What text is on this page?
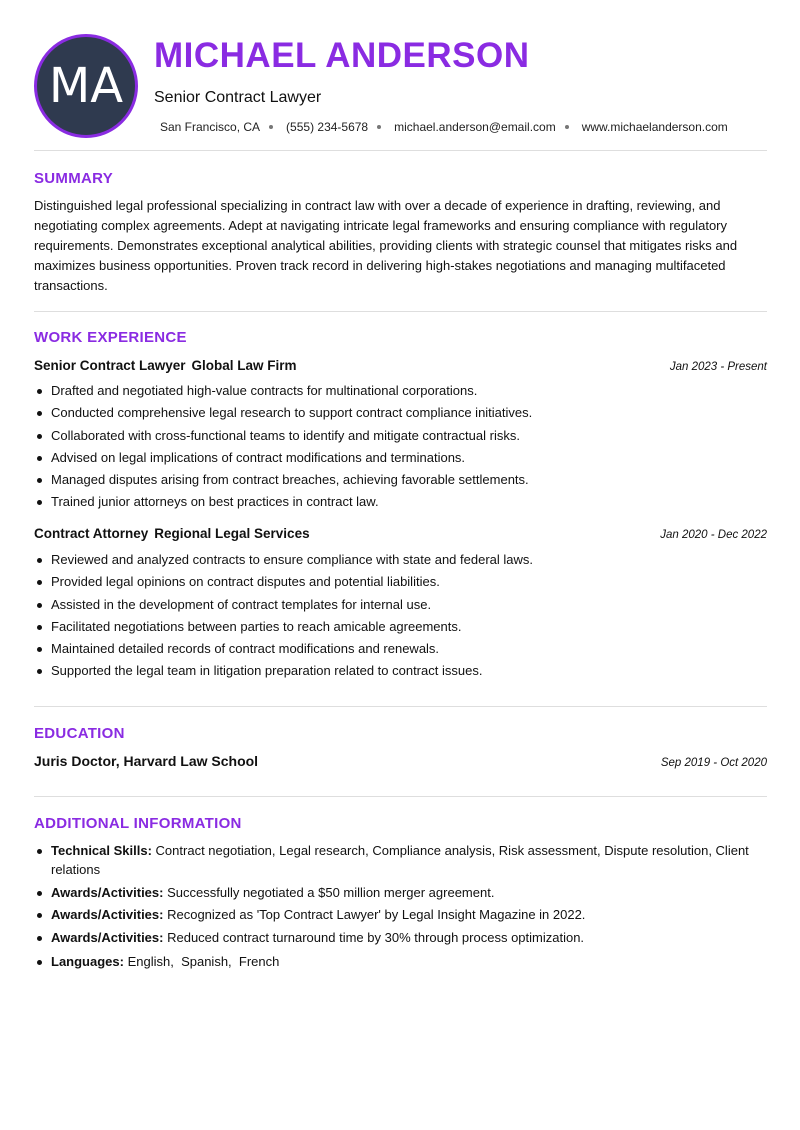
MA
MICHAEL ANDERSON
Senior Contract Lawyer
San Francisco, CA (555) 234-5678 michael.anderson@email.com www.michaelanderson.com
SUMMARY
Distinguished legal professional specializing in contract law with over a decade of experience in drafting, reviewing, and negotiating complex agreements. Adept at navigating intricate legal frameworks and ensuring compliance with regulatory requirements. Demonstrates exceptional analytical abilities, providing clients with strategic counsel that mitigates risks and maximizes business opportunities. Proven track record in delivering high-stakes negotiations and managing multifaceted transactions.
WORK EXPERIENCE
Senior Contract Lawyer Global Law Firm	Jan 2023 - Present
Drafted and negotiated high-value contracts for multinational corporations.
Conducted comprehensive legal research to support contract compliance initiatives.
Collaborated with cross-functional teams to identify and mitigate contractual risks.
Advised on legal implications of contract modifications and terminations.
Managed disputes arising from contract breaches, achieving favorable settlements.
Trained junior attorneys on best practices in contract law.
Contract Attorney Regional Legal Services	Jan 2020 - Dec 2022
Reviewed and analyzed contracts to ensure compliance with state and federal laws.
Provided legal opinions on contract disputes and potential liabilities.
Assisted in the development of contract templates for internal use.
Facilitated negotiations between parties to reach amicable agreements.
Maintained detailed records of contract modifications and renewals.
Supported the legal team in litigation preparation related to contract issues.
EDUCATION
Juris Doctor, Harvard Law School	Sep 2019 - Oct 2020
ADDITIONAL INFORMATION
Technical Skills: Contract negotiation, Legal research, Compliance analysis, Risk assessment, Dispute resolution, Client relations
Awards/Activities: Successfully negotiated a $50 million merger agreement.
Awards/Activities: Recognized as 'Top Contract Lawyer' by Legal Insight Magazine in 2022.
Awards/Activities: Reduced contract turnaround time by 30% through process optimization.
Languages: English,  Spanish,  French
